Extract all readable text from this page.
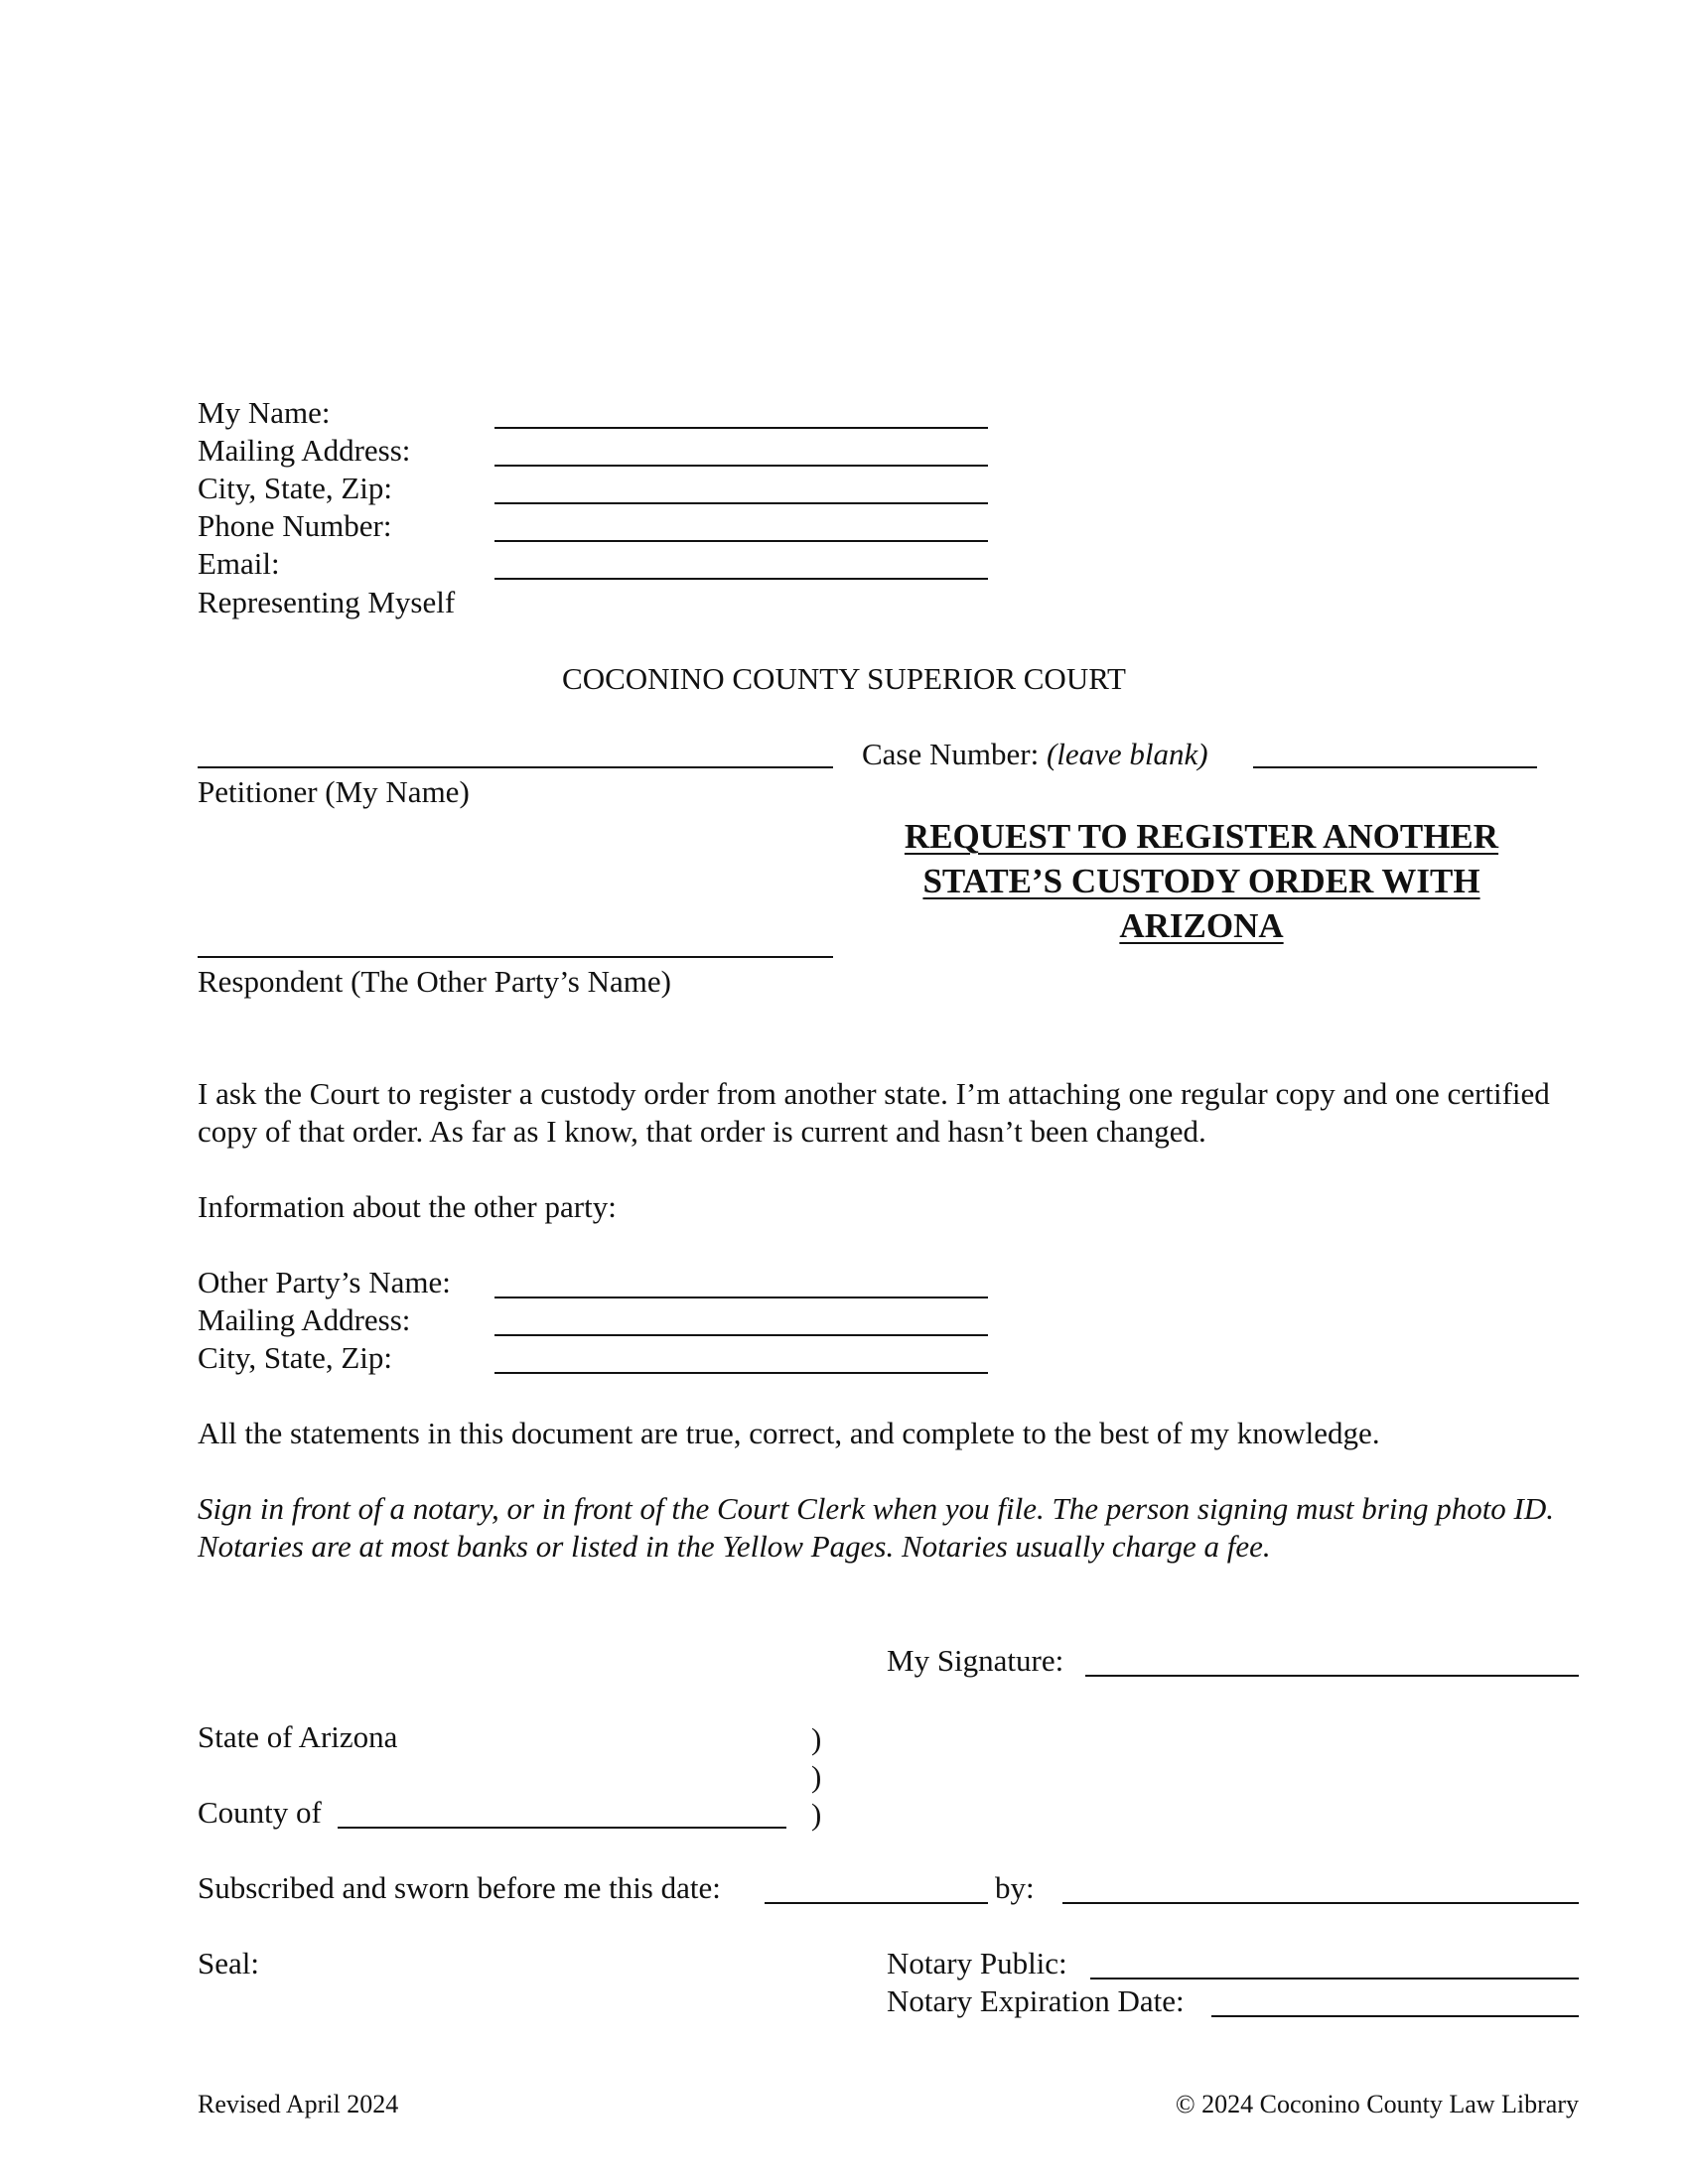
My Name:
Mailing Address:
City, State, Zip:
Phone Number:
Email:
Representing Myself
COCONINO COUNTY SUPERIOR COURT
Petitioner (My Name)
Case Number: (leave blank)
REQUEST TO REGISTER ANOTHER
STATE’S CUSTODY ORDER WITH
ARIZONA
Respondent (The Other Party’s Name)
I ask the Court to register a custody order from another state. I’m attaching one regular copy and one certified copy of that order. As far as I know, that order is current and hasn’t been changed.
Information about the other party:
Other Party’s Name:
Mailing Address:
City, State, Zip:
All the statements in this document are true, correct, and complete to the best of my knowledge.
Sign in front of a notary, or in front of the Court Clerk when you file. The person signing must bring photo ID. Notaries are at most banks or listed in the Yellow Pages. Notaries usually charge a fee.
My Signature:
State of Arizona	)
)
)
County of
Subscribed and sworn before me this date:	by:
Seal:	Notary Public:
Notary Expiration Date:
Revised April 2024	© 2024 Coconino County Law Library
